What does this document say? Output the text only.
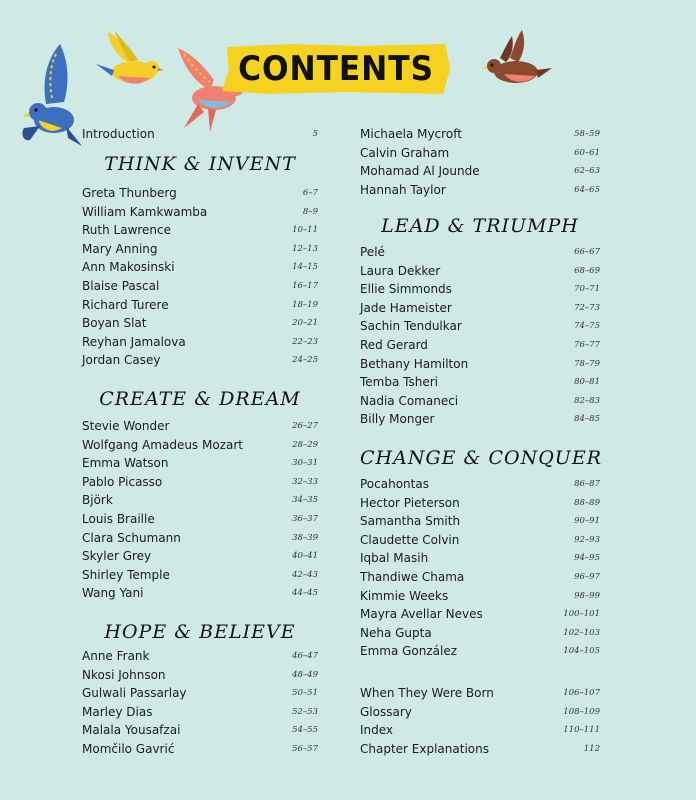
CONTENTS
Introduction	5
THINK & INVENT
Greta Thunberg	6–7
William Kamkwamba	8–9
Ruth Lawrence	10–11
Mary Anning	12–13
Ann Makosinski	14–15
Blaise Pascal	16–17
Richard Turere	18–19
Boyan Slat	20–21
Reyhan Jamalova	22–23
Jordan Casey	24–25
CREATE & DREAM
Stevie Wonder	26–27
Wolfgang Amadeus Mozart	28–29
Emma Watson	30–31
Pablo Picasso	32–33
Björk	34–35
Louis Braille	36–37
Clara Schumann	38–39
Skyler Grey	40–41
Shirley Temple	42–43
Wang Yani	44–45
HOPE & BELIEVE
Anne Frank	46–47
Nkosi Johnson	48–49
Gulwali Passarlay	50–51
Marley Dias	52–53
Malala Yousafzai	54–55
Momčilo Gavrić	56–57
Michaela Mycroft	58–59
Calvin Graham	60–61
Mohamad Al Jounde	62–63
Hannah Taylor	64–65
LEAD & TRIUMPH
Pelé	66–67
Laura Dekker	68–69
Ellie Simmonds	70–71
Jade Hameister	72–73
Sachin Tendulkar	74–75
Red Gerard	76–77
Bethany Hamilton	78–79
Temba Tsheri	80–81
Nadia Comaneci	82–83
Billy Monger	84–85
CHANGE & CONQUER
Pocahontas	86–87
Hector Pieterson	88–89
Samantha Smith	90–91
Claudette Colvin	92–93
Iqbal Masih	94–95
Thandiwe Chama	96–97
Kimmie Weeks	98–99
Mayra Avellar Neves	100–101
Neha Gupta	102–103
Emma González	104–105
When They Were Born	106–107
Glossary	108–109
Index	110–111
Chapter Explanations	112
